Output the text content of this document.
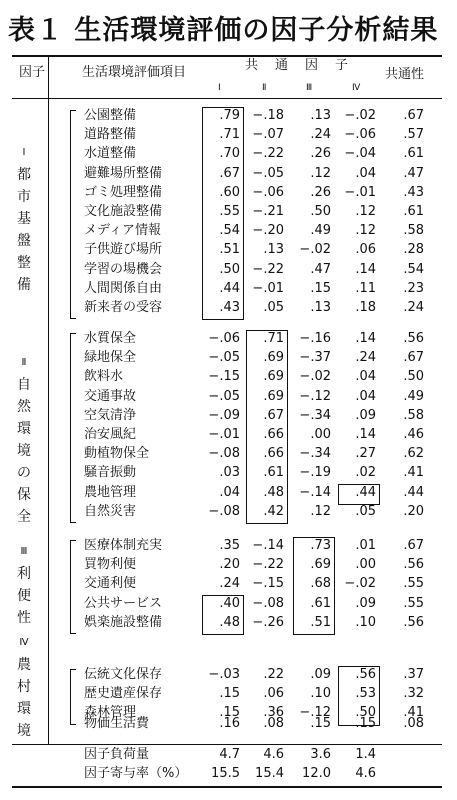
表１ 生活環境評価の因子分析結果
因子	生活環境評価項目	共　通　因　子
共通性
Ⅰ	Ⅱ	Ⅲ	Ⅳ
Ⅰ
都
市
基
盤
整
備
公園整備	.79 −.18	.13	−.02	.67
道路整備	.71 −.07	.24	−.06	.57
水道整備	.70 −.22	.26	−.04	.61
避難場所整備	.67 −.05	.12	.04	.47
ゴミ処理整備	.60 −.06	.26	−.01	.43
文化施設整備	.55 −.21	.50	.12	.61
メディア情報	.54 −.20	.49	.12	.58
子供遊び場所	.51	.13	−.02	.06	.28
学習の場機会	.50 −.22	.47	.14	.54
人間関係自由	.44 −.01	.15	.11	.23
新来者の受容	.43	.05	.13	.18	.24
Ⅱ
自
然
環
境
の
保
全
水質保全	−.06	.71	−.16	.14	.56
緑地保全	−.05	.69	−.37	.24	.67
飲料水	−.15	.69	−.02	.04	.50
交通事故	−.05	.69	−.12	.04	.49
空気清浄	−.09	.67	−.34	.09	.58
治安風紀	−.01	.66	.00	.14	.46
動植物保全	−.08	.66	−.34	.27	.62
騒音振動	.03	.61	−.19	.02	.41
農地管理	.04	.48	−.14	.44	.44
自然災害	−.08	.42	.12	.05	.20
Ⅲ
利
便
性
医療体制充実	.35 −.14	.73	.01	.67
買物利便	.20 −.22	.69	.00	.56
交通利便	.24 −.15	.68	−.02	.55
公共サービス	.40 −.08	.61	.09	.55
娯楽施設整備	.48 −.26	.51	.10	.56
Ⅳ
農
村
環
境
伝統文化保存	−.03	.22	.09	.56	.37
歴史遺産保存	.15	.06	.10	.53	.32
森林管理	.15	.36	−.12	.50	.41
物価生活費	.16	.08	.15	.15	.08
因子負荷量	4.7	4.6	3.6	1.4
因子寄与率（%）	15.5	15.4	12.0	4.6
